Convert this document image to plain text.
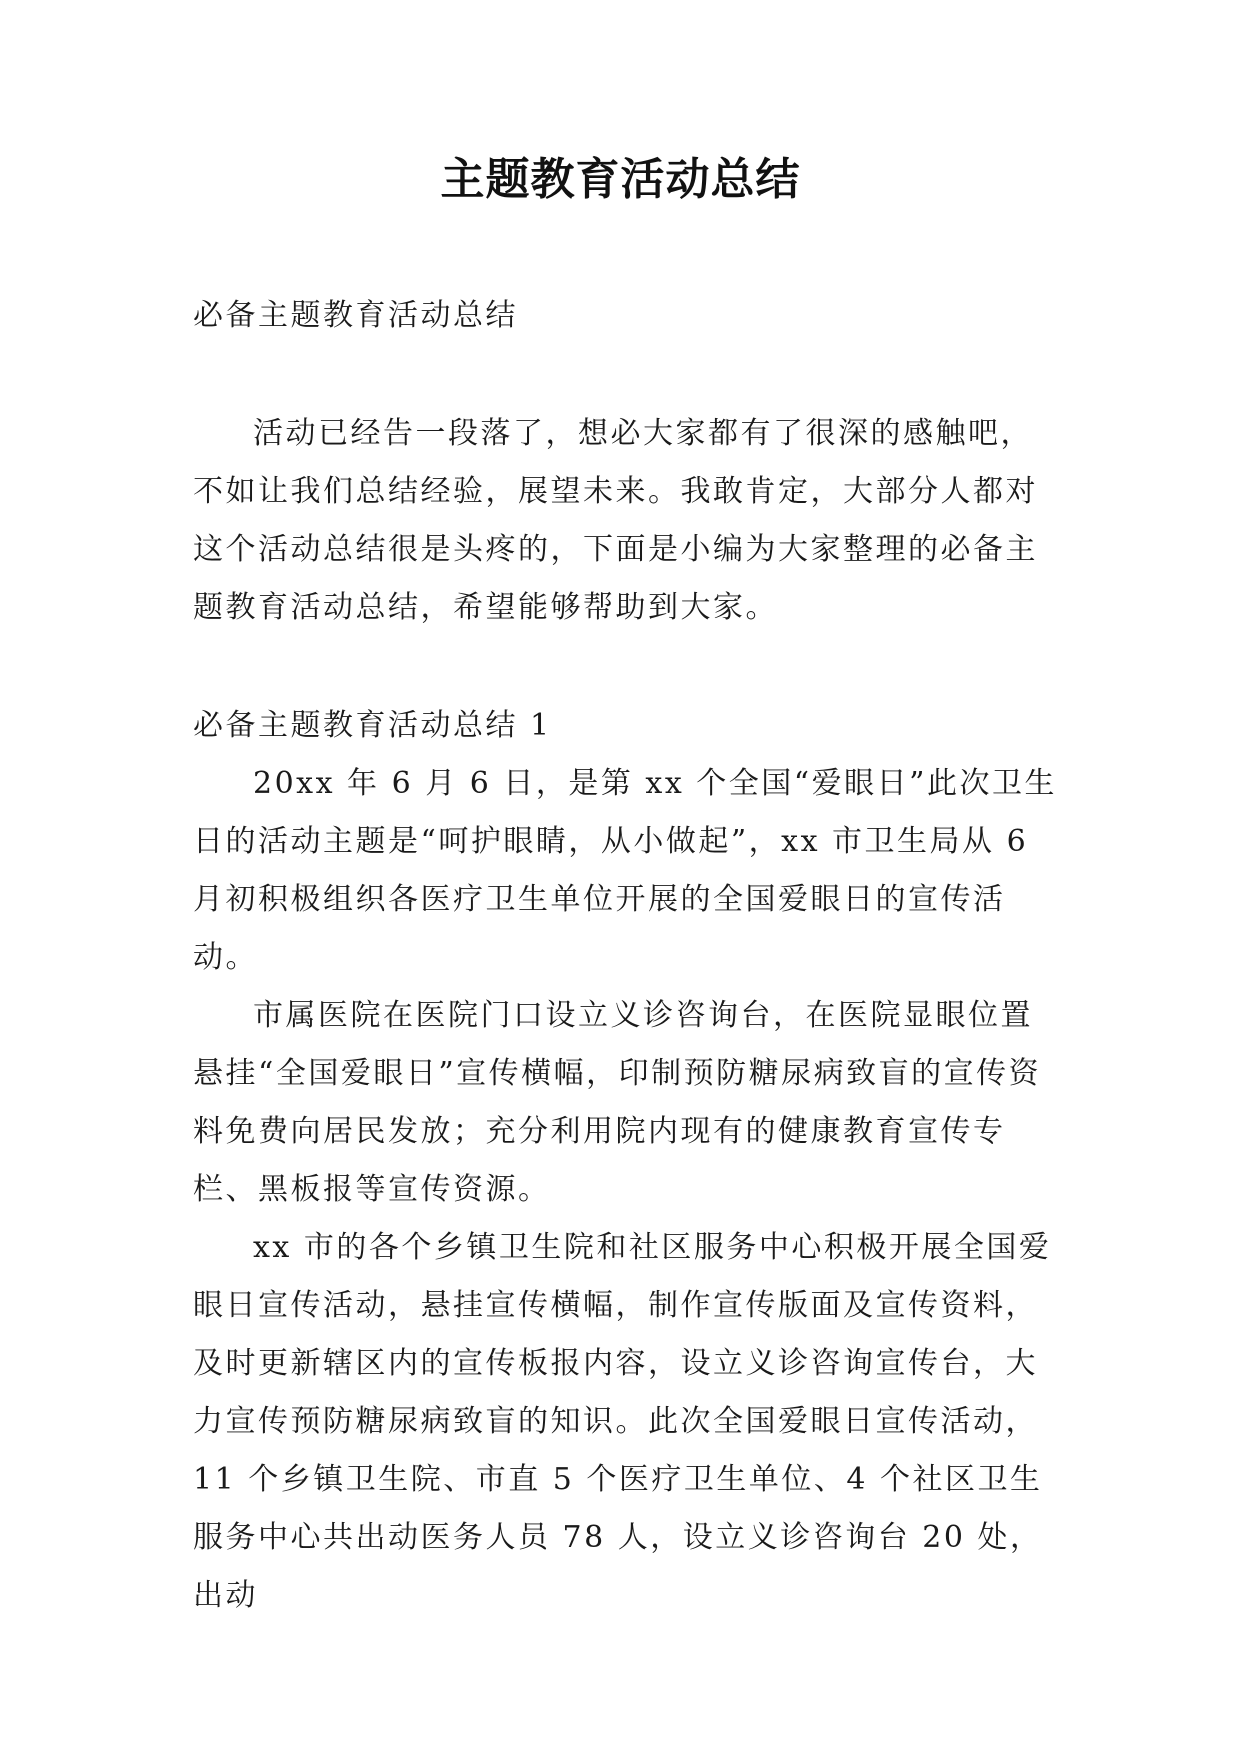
主题教育活动总结

必备主题教育活动总结

活动已经告一段落了，想必大家都有了很深的感触吧，不如让我们总结经验，展望未来。我敢肯定，大部分人都对这个活动总结很是头疼的，下面是小编为大家整理的必备主题教育活动总结，希望能够帮助到大家。

必备主题教育活动总结 1

20xx 年 6 月 6 日，是第 xx 个全国“爱眼日”此次卫生日的活动主题是“呵护眼睛，从小做起”，xx 市卫生局从 6 月初积极组织各医疗卫生单位开展的全国爱眼日的宣传活动。

市属医院在医院门口设立义诊咨询台，在医院显眼位置悬挂“全国爱眼日”宣传横幅，印制预防糖尿病致盲的宣传资料免费向居民发放；充分利用院内现有的健康教育宣传专栏、黑板报等宣传资源。

xx 市的各个乡镇卫生院和社区服务中心积极开展全国爱眼日宣传活动，悬挂宣传横幅，制作宣传版面及宣传资料，及时更新辖区内的宣传板报内容，设立义诊咨询宣传台，大力宣传预防糖尿病致盲的知识。此次全国爱眼日宣传活动，11 个乡镇卫生院、市直 5 个医疗卫生单位、4 个社区卫生服务中心共出动医务人员 78 人，设立义诊咨询台 20 处，出动
